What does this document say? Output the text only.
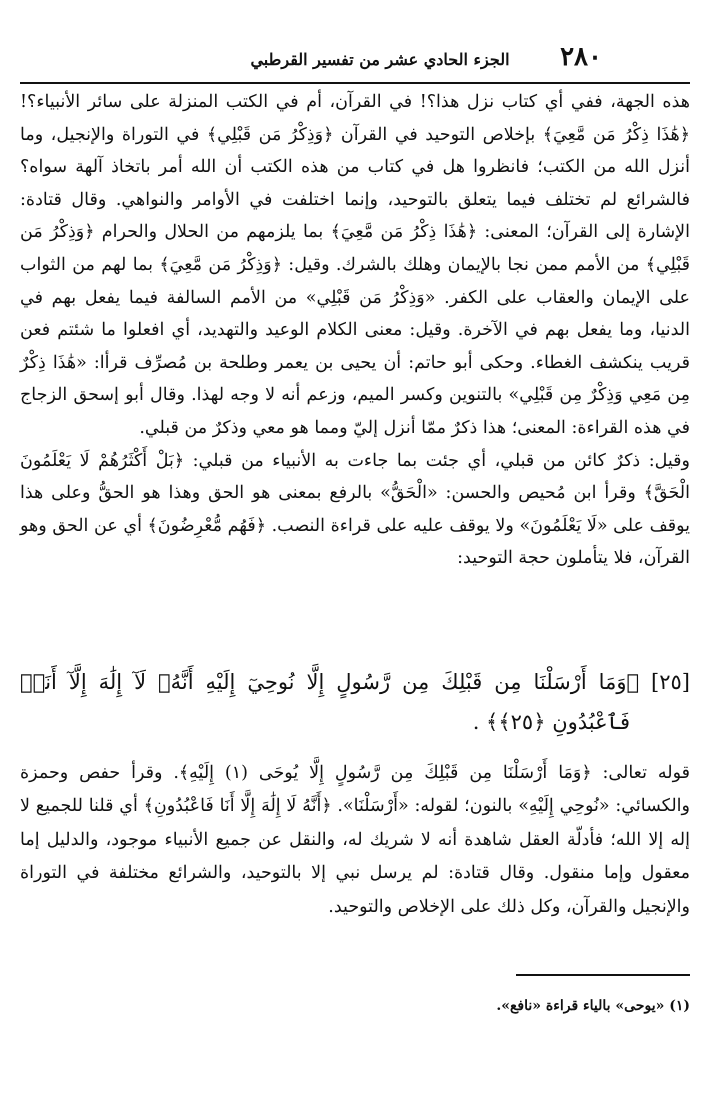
٢٨٠
الجزء الحادي عشر من تفسير القرطبي

هذه الجهة، ففي أي كتاب نزل هذا؟! في القرآن، أم في الكتب المنزلة على سائر الأنبياء؟! ﴿هَٰذَا ذِكْرُ مَن مَّعِيَ﴾ بإخلاص التوحيد في القرآن ﴿وَذِكْرُ مَن قَبْلِي﴾ في التوراة والإنجيل، وما أنزل الله من الكتب؛ فانظروا هل في كتاب من هذه الكتب أن الله أمر باتخاذ آلهة سواه؟فالشرائع لم تختلف فيما يتعلق بالتوحيد، وإنما اختلفت في الأوامر والنواهي. وقال قتادة: الإشارة إلى القرآن؛ المعنى: ﴿هَٰذَا ذِكْرُ مَن مَّعِيَ﴾ بما يلزمهم من الحلال والحرام ﴿وَذِكْرُ مَن قَبْلِي﴾ من الأمم ممن نجا بالإيمان وهلك بالشرك. وقيل: ﴿وَذِكْرُ مَن مَّعِيَ﴾ بما لهم من الثواب على الإيمان والعقاب على الكفر. «وَذِكْرُ مَن قَبْلِي» من الأمم السالفة فيما يفعل بهم في الدنيا، وما يفعل بهم في الآخرة. وقيل: معنى الكلام الوعيد والتهديد، أي افعلوا ما شئتم فعن قريب ينكشف الغطاء. وحكى أبو حاتم: أن يحيى بن يعمر وطلحة بن مُصرِّف قرأا: «هَٰذَا ذِكْرٌ مِن مَعِي وَذِكْرٌ مِن قَبْلِي» بالتنوين وكسر الميم، وزعم أنه لا وجه لهذا. وقال أبو إسحق الزجاج في هذه القراءة: المعنى؛ هذا ذكرٌ ممّا أنزل إليّ ومما هو معي وذكرٌ من قبلي.

وقيل: ذكرٌ كائن من قبلي، أي جئت بما جاءت به الأنبياء من قبلي: ﴿بَلْ أَكْثَرُهُمْ لَا يَعْلَمُونَ الْحَقَّ﴾ وقرأ ابن مُحيص والحسن: «الْحَقُّ» بالرفع بمعنى هو الحق وهذا هو الحقُّ وعلى هذا يوقف على «لَا يَعْلَمُونَ» ولا يوقف عليه على قراءة النصب. ﴿فَهُم مُّعْرِضُونَ﴾ أي عن الحق وهو القرآن، فلا يتأملون حجة التوحيد:

[٢٥] ﴿وَمَا أَرْسَلْنَا مِن قَبْلِكَ مِن رَّسُولٍ إِلَّا نُوحِيٓ إِلَيْهِ أَنَّهُۥ لَآ إِلَٰهَ إِلَّآ أَنَا۠

فَٱعْبُدُونِ ﴿٢٥﴾﴾ .

قوله تعالى: ﴿وَمَا أَرْسَلْنَا مِن قَبْلِكَ مِن رَّسُولٍ إِلَّا يُوحَى (١) إِلَيْهِ﴾. وقرأ حفص وحمزة والكسائي: «نُوحِي إِلَيْهِ» بالنون؛ لقوله: «أَرْسَلْنَا». ﴿أَنَّهُ لَا إِلَٰهَ إِلَّا أَنَا فَاعْبُدُونِ﴾ أي قلنا للجميع لا إله إلا الله؛ فأدلّة العقل شاهدة أنه لا شريك له، والنقل عن جميع الأنبياء موجود، والدليل إما معقول وإما منقول. وقال قتادة: لم يرسل نبي إلا بالتوحيد، والشرائع مختلفة في التوراة والإنجيل والقرآن، وكل ذلك على الإخلاص والتوحيد.

(١) «يوحى» بالياء قراءة «نافع».
